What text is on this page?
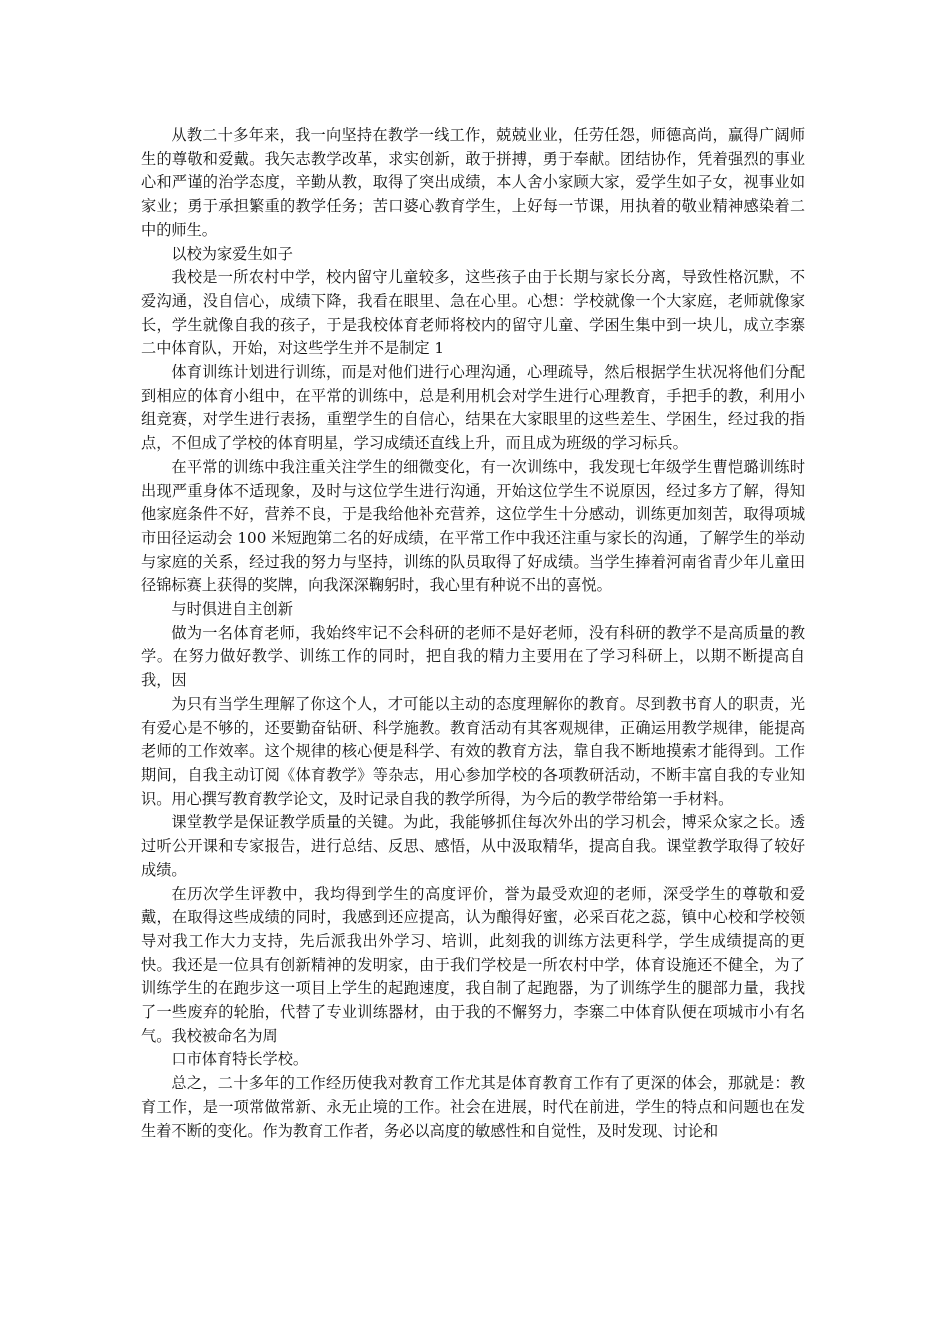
从教二十多年来，我一向坚持在教学一线工作，兢兢业业，任劳任怨，师德高尚，赢得广阔师生的尊敬和爱戴。我矢志教学改革，求实创新，敢于拼搏，勇于奉献。团结协作，凭着强烈的事业心和严谨的治学态度，辛勤从教，取得了突出成绩，本人舍小家顾大家，爱学生如子女，视事业如家业；勇于承担繁重的教学任务；苦口婆心教育学生，上好每一节课，用执着的敬业精神感染着二中的师生。

以校为家爱生如子

我校是一所农村中学，校内留守儿童较多，这些孩子由于长期与家长分离，导致性格沉默，不爱沟通，没自信心，成绩下降，我看在眼里、急在心里。心想：学校就像一个大家庭，老师就像家长，学生就像自我的孩子，于是我校体育老师将校内的留守儿童、学困生集中到一块儿，成立李寨二中体育队，开始，对这些学生并不是制定 1

体育训练计划进行训练，而是对他们进行心理沟通，心理疏导，然后根据学生状况将他们分配到相应的体育小组中，在平常的训练中，总是利用机会对学生进行心理教育，手把手的教，利用小组竞赛，对学生进行表扬，重塑学生的自信心，结果在大家眼里的这些差生、学困生，经过我的指点，不但成了学校的体育明星，学习成绩还直线上升，而且成为班级的学习标兵。

在平常的训练中我注重关注学生的细微变化，有一次训练中，我发现七年级学生曹恺璐训练时出现严重身体不适现象，及时与这位学生进行沟通，开始这位学生不说原因，经过多方了解，得知他家庭条件不好，营养不良，于是我给他补充营养，这位学生十分感动，训练更加刻苦，取得项城市田径运动会 100 米短跑第二名的好成绩，在平常工作中我还注重与家长的沟通，了解学生的举动与家庭的关系，经过我的努力与坚持，训练的队员取得了好成绩。当学生捧着河南省青少年儿童田径锦标赛上获得的奖牌，向我深深鞠躬时，我心里有种说不出的喜悦。

与时俱进自主创新

做为一名体育老师，我始终牢记不会科研的老师不是好老师，没有科研的教学不是高质量的教学。在努力做好教学、训练工作的同时，把自我的精力主要用在了学习科研上，以期不断提高自我，因

为只有当学生理解了你这个人，才可能以主动的态度理解你的教育。尽到教书育人的职责，光有爱心是不够的，还要勤奋钻研、科学施教。教育活动有其客观规律，正确运用教学规律，能提高老师的工作效率。这个规律的核心便是科学、有效的教育方法，靠自我不断地摸索才能得到。工作期间，自我主动订阅《体育教学》等杂志，用心参加学校的各项教研活动，不断丰富自我的专业知识。用心撰写教育教学论文，及时记录自我的教学所得，为今后的教学带给第一手材料。

课堂教学是保证教学质量的关键。为此，我能够抓住每次外出的学习机会，博采众家之长。透过听公开课和专家报告，进行总结、反思、感悟，从中汲取精华，提高自我。课堂教学取得了较好成绩。

在历次学生评教中，我均得到学生的高度评价，誉为最受欢迎的老师，深受学生的尊敬和爱戴，在取得这些成绩的同时，我感到还应提高，认为酿得好蜜，必采百花之蕊，镇中心校和学校领导对我工作大力支持，先后派我出外学习、培训，此刻我的训练方法更科学，学生成绩提高的更快。我还是一位具有创新精神的发明家，由于我们学校是一所农村中学，体育设施还不健全，为了训练学生的在跑步这一项目上学生的起跑速度，我自制了起跑器，为了训练学生的腿部力量，我找了一些废弃的轮胎，代替了专业训练器材，由于我的不懈努力，李寨二中体育队便在项城市小有名气。我校被命名为周

口市体育特长学校。

总之，二十多年的工作经历使我对教育工作尤其是体育教育工作有了更深的体会，那就是：教育工作，是一项常做常新、永无止境的工作。社会在进展，时代在前进，学生的特点和问题也在发生着不断的变化。作为教育工作者，务必以高度的敏感性和自觉性，及时发现、讨论和
